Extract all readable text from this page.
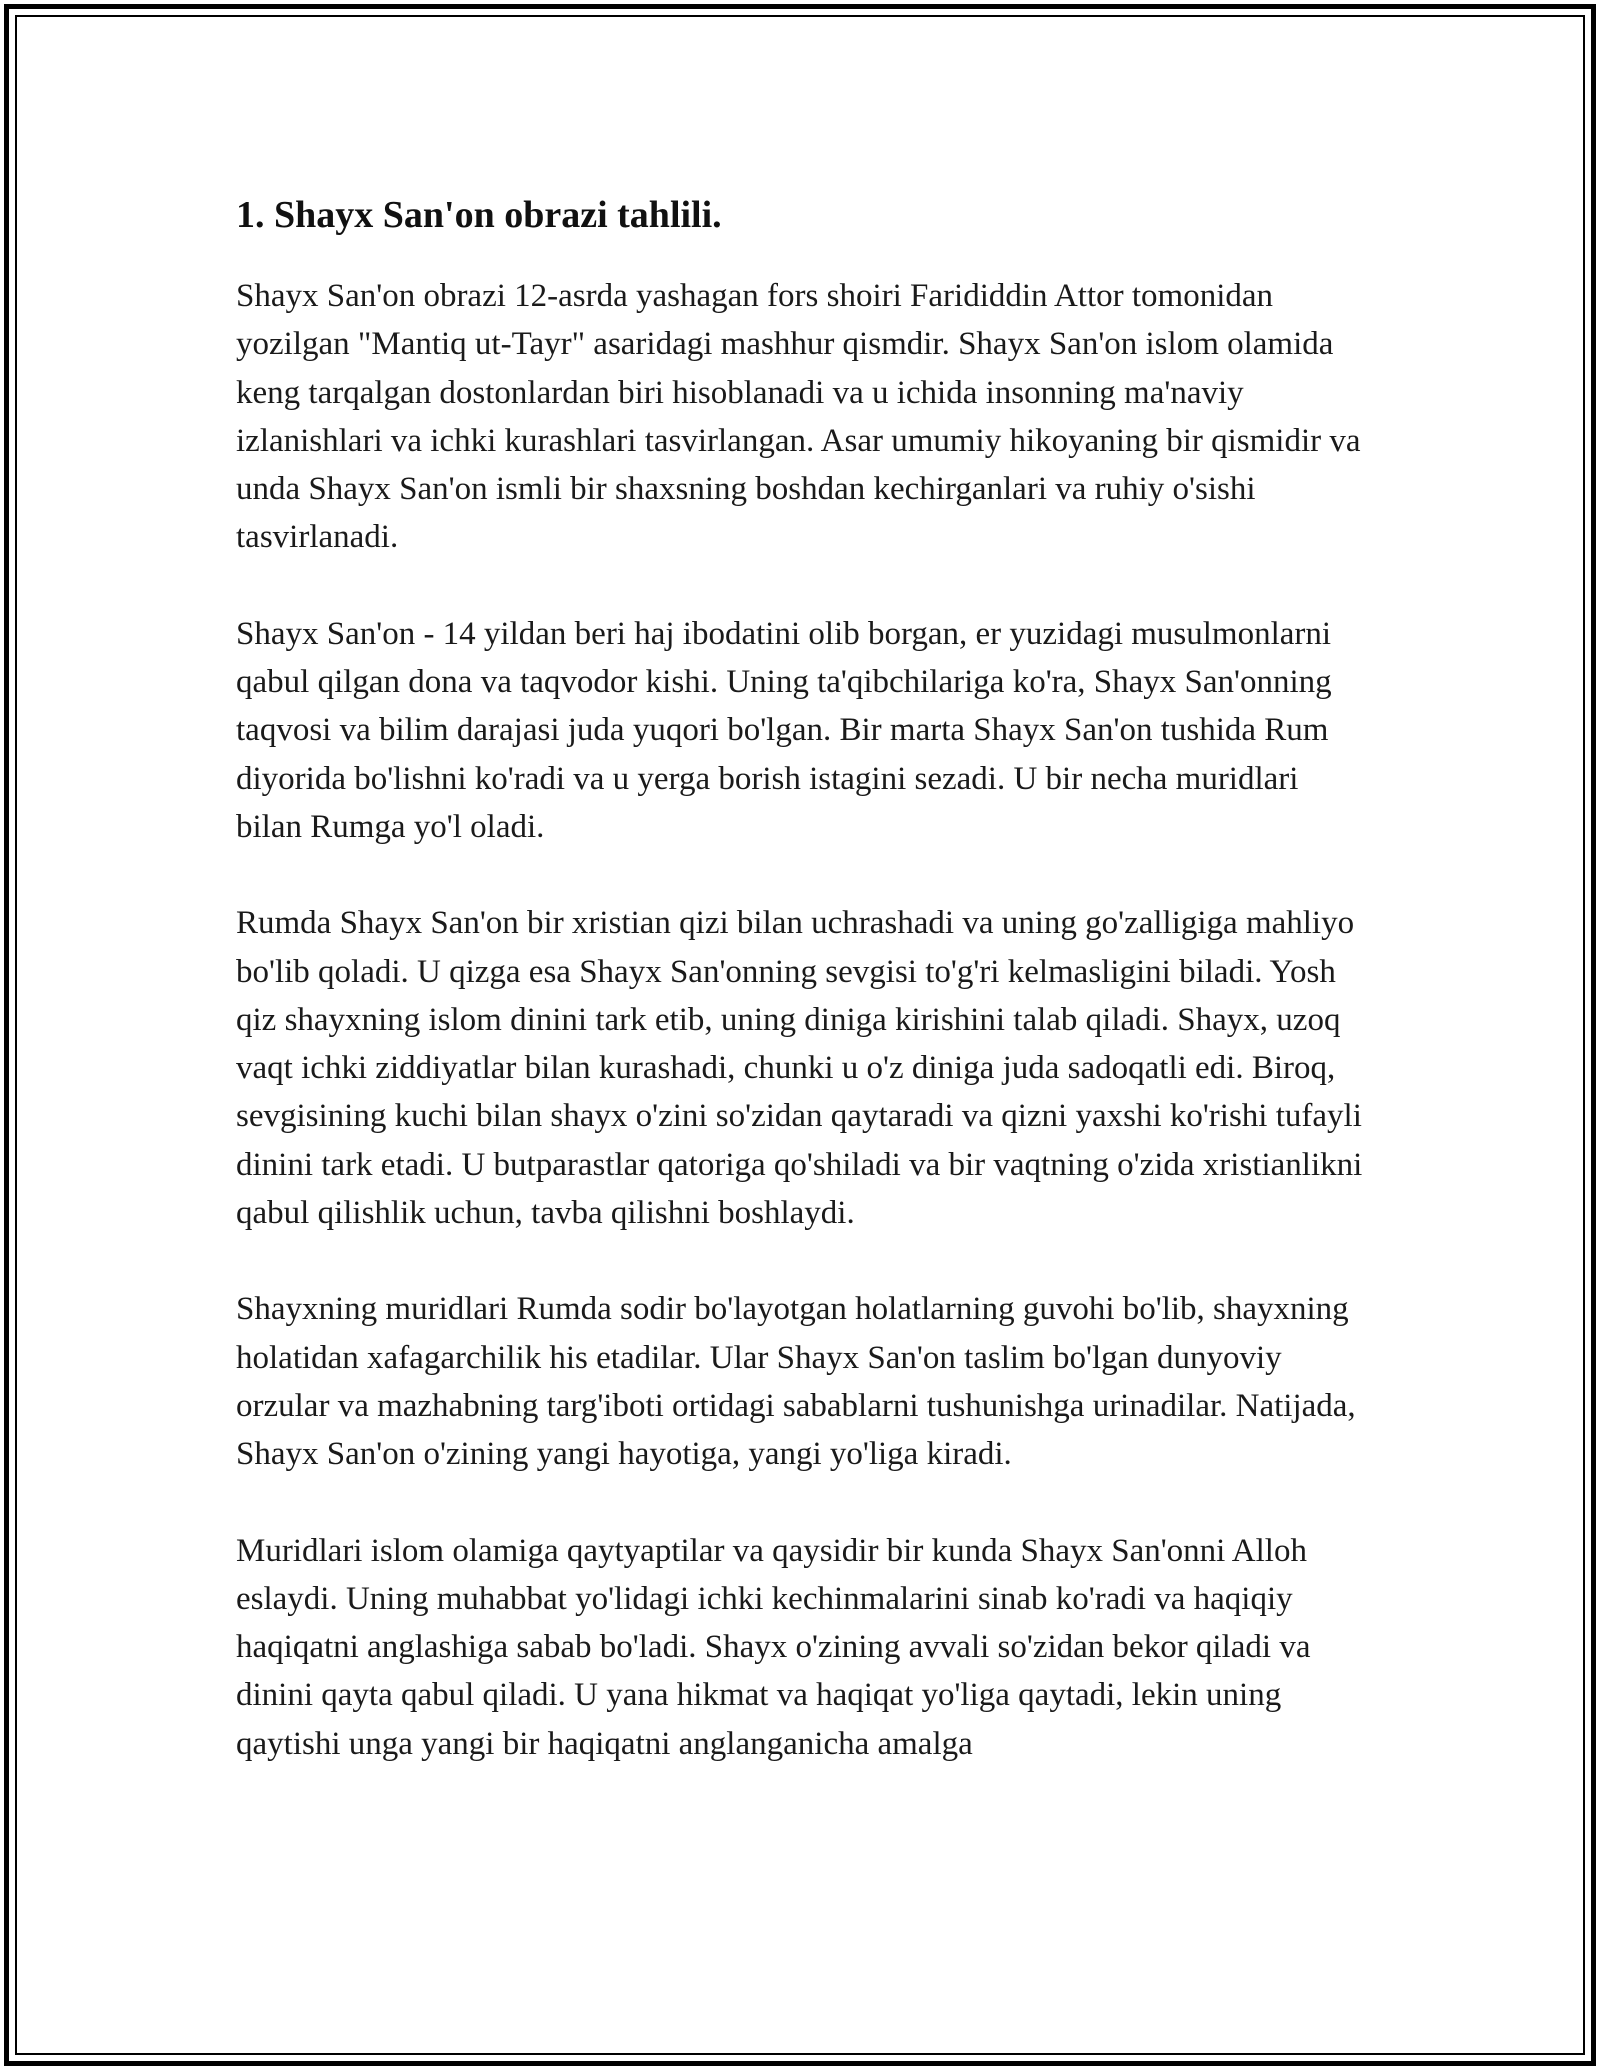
1. Shayx San'on obrazi tahlili.

Shayx San'on obrazi 12-asrda yashagan fors shoiri Farididdin Attor tomonidan yozilgan "Mantiq ut-Tayr" asaridagi mashhur qismdir. Shayx San'on islom olamida keng tarqalgan dostonlardan biri hisoblanadi va u ichida insonning ma'naviy izlanishlari va ichki kurashlari tasvirlangan. Asar umumiy hikoyaning bir qismidir va unda Shayx San'on ismli bir shaxsning boshdan kechirganlari va ruhiy o'sishi tasvirlanadi.

Shayx San'on - 14 yildan beri haj ibodatini olib borgan, er yuzidagi musulmonlarni qabul qilgan dona va taqvodor kishi. Uning ta'qibchilariga ko'ra, Shayx San'onning taqvosi va bilim darajasi juda yuqori bo'lgan. Bir marta Shayx San'on tushida Rum diyorida bo'lishni ko'radi va u yerga borish istagini sezadi. U bir necha muridlari bilan Rumga yo'l oladi.

Rumda Shayx San'on bir xristian qizi bilan uchrashadi va uning go'zalligiga mahliyo bo'lib qoladi. U qizga esa Shayx San'onning sevgisi to'g'ri kelmasligini biladi. Yosh qiz shayxning islom dinini tark etib, uning diniga kirishini talab qiladi. Shayx, uzoq vaqt ichki ziddiyatlar bilan kurashadi, chunki u o'z diniga juda sadoqatli edi. Biroq, sevgisining kuchi bilan shayx o'zini so'zidan qaytaradi va qizni yaxshi ko'rishi tufayli dinini tark etadi. U butparastlar qatoriga qo'shiladi va bir vaqtning o'zida xristianlikni qabul qilishlik uchun, tavba qilishni boshlaydi.

Shayxning muridlari Rumda sodir bo'layotgan holatlarning guvohi bo'lib, shayxning holatidan xafagarchilik his etadilar. Ular Shayx San'on taslim bo'lgan dunyoviy orzular va mazhabning targ'iboti ortidagi sabablarni tushunishga urinadilar. Natijada, Shayx San'on o'zining yangi hayotiga, yangi yo'liga kiradi.

Muridlari islom olamiga qaytyaptilar va qaysidir bir kunda Shayx San'onni Alloh eslaydi. Uning muhabbat yo'lidagi ichki kechinmalarini sinab ko'radi va haqiqiy haqiqatni anglashiga sabab bo'ladi. Shayx o'zining avvali so'zidan bekor qiladi va dinini qayta qabul qiladi. U yana hikmat va haqiqat yo'liga qaytadi, lekin uning qaytishi unga yangi bir haqiqatni anglanganicha amalga
